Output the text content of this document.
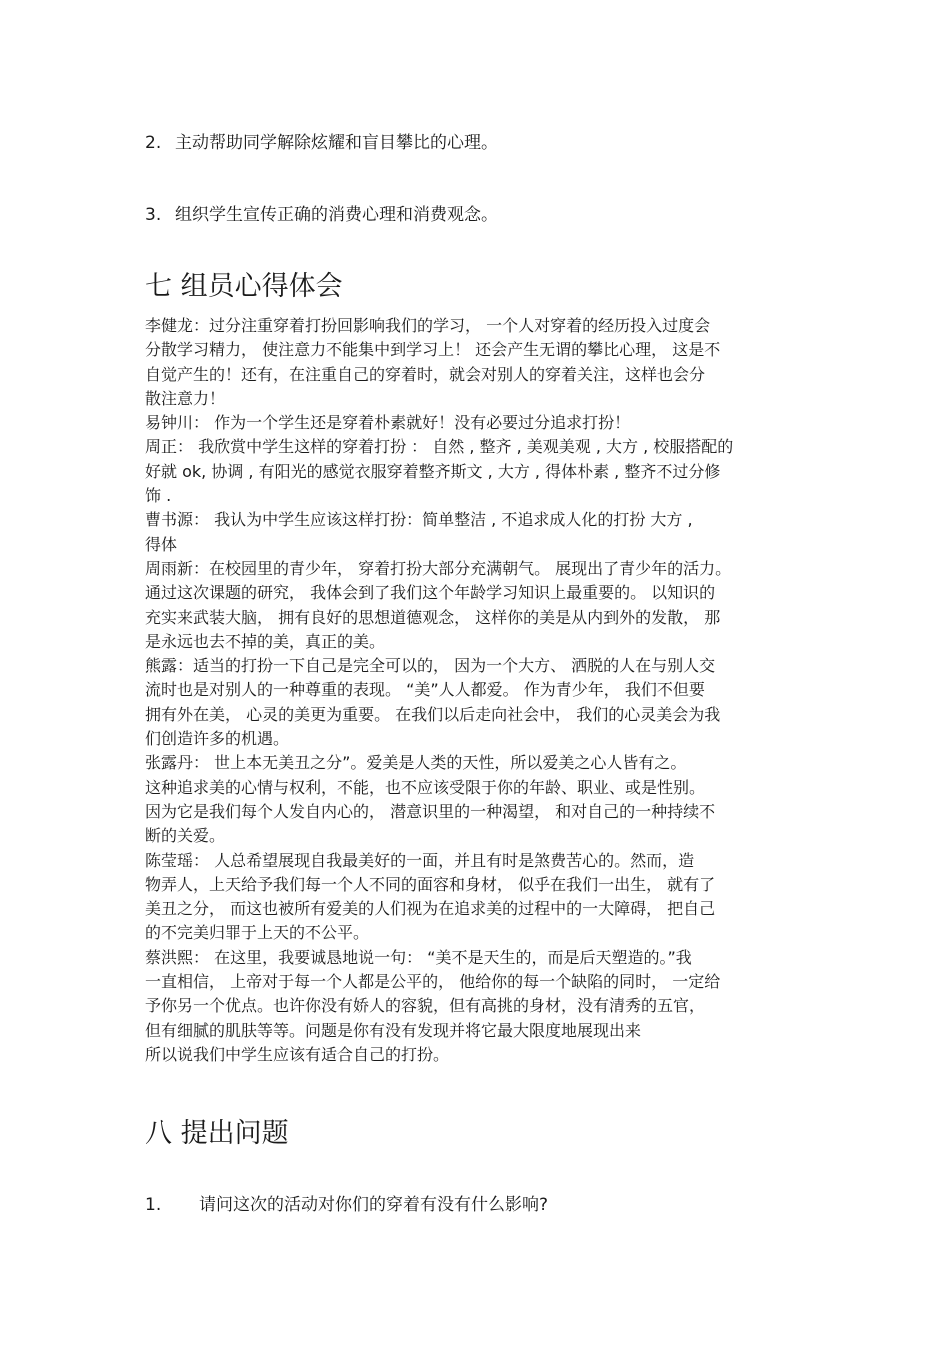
2. 主动帮助同学解除炫耀和盲目攀比的心理。
3. 组织学生宣传正确的消费心理和消费观念。
七 组员心得体会
李健龙：过分注重穿着打扮回影响我们的学习， 一个人对穿着的经历投入过度会
分散学习精力， 使注意力不能集中到学习上！ 还会产生无谓的攀比心理， 这是不
自觉产生的！还有，在注重自己的穿着时，就会对别人的穿着关注，这样也会分
散注意力！
易钟川： 作为一个学生还是穿着朴素就好！没有必要过分追求打扮！
周正： 我欣赏中学生这样的穿着打扮 ： 自然 , 整齐 , 美观美观 , 大方 , 校服搭配的
好就 ok, 协调 , 有阳光的感觉衣服穿着整齐斯文 , 大方 , 得体朴素 , 整齐不过分修
饰 .
曹书源： 我认为中学生应该这样打扮：简单整洁 , 不追求成人化的打扮 大方 ,
得体
周雨新：在校园里的青少年， 穿着打扮大部分充满朝气。 展现出了青少年的活力。
通过这次课题的研究， 我体会到了我们这个年龄学习知识上最重要的。 以知识的
充实来武装大脑， 拥有良好的思想道德观念， 这样你的美是从内到外的发散， 那
是永远也去不掉的美，真正的美。
熊露：适当的打扮一下自己是完全可以的， 因为一个大方、 洒脱的人在与别人交
流时也是对别人的一种尊重的表现。 “美”人人都爱。 作为青少年， 我们不但要
拥有外在美， 心灵的美更为重要。 在我们以后走向社会中， 我们的心灵美会为我
们创造许多的机遇。
张露丹： 世上本无美丑之分”。爱美是人类的天性，所以爱美之心人皆有之。
这种追求美的心情与权利，不能，也不应该受限于你的年龄、职业、或是性别。
因为它是我们每个人发自内心的， 潜意识里的一种渴望， 和对自己的一种持续不
断的关爱。
陈莹瑶： 人总希望展现自我最美好的一面，并且有时是煞费苦心的。然而，造
物弄人，上天给予我们每一个人不同的面容和身材， 似乎在我们一出生， 就有了
美丑之分， 而这也被所有爱美的人们视为在追求美的过程中的一大障碍， 把自己
的不完美归罪于上天的不公平。
蔡洪熙： 在这里，我要诚恳地说一句： “美不是天生的，而是后天塑造的。”我
一直相信， 上帝对于每一个人都是公平的， 他给你的每一个缺陷的同时， 一定给
予你另一个优点。也许你没有娇人的容貌，但有高挑的身材，没有清秀的五官，
但有细腻的肌肤等等。问题是你有没有发现并将它最大限度地展现出来
所以说我们中学生应该有适合自己的打扮。
八 提出问题
1. 请问这次的活动对你们的穿着有没有什么影响?
